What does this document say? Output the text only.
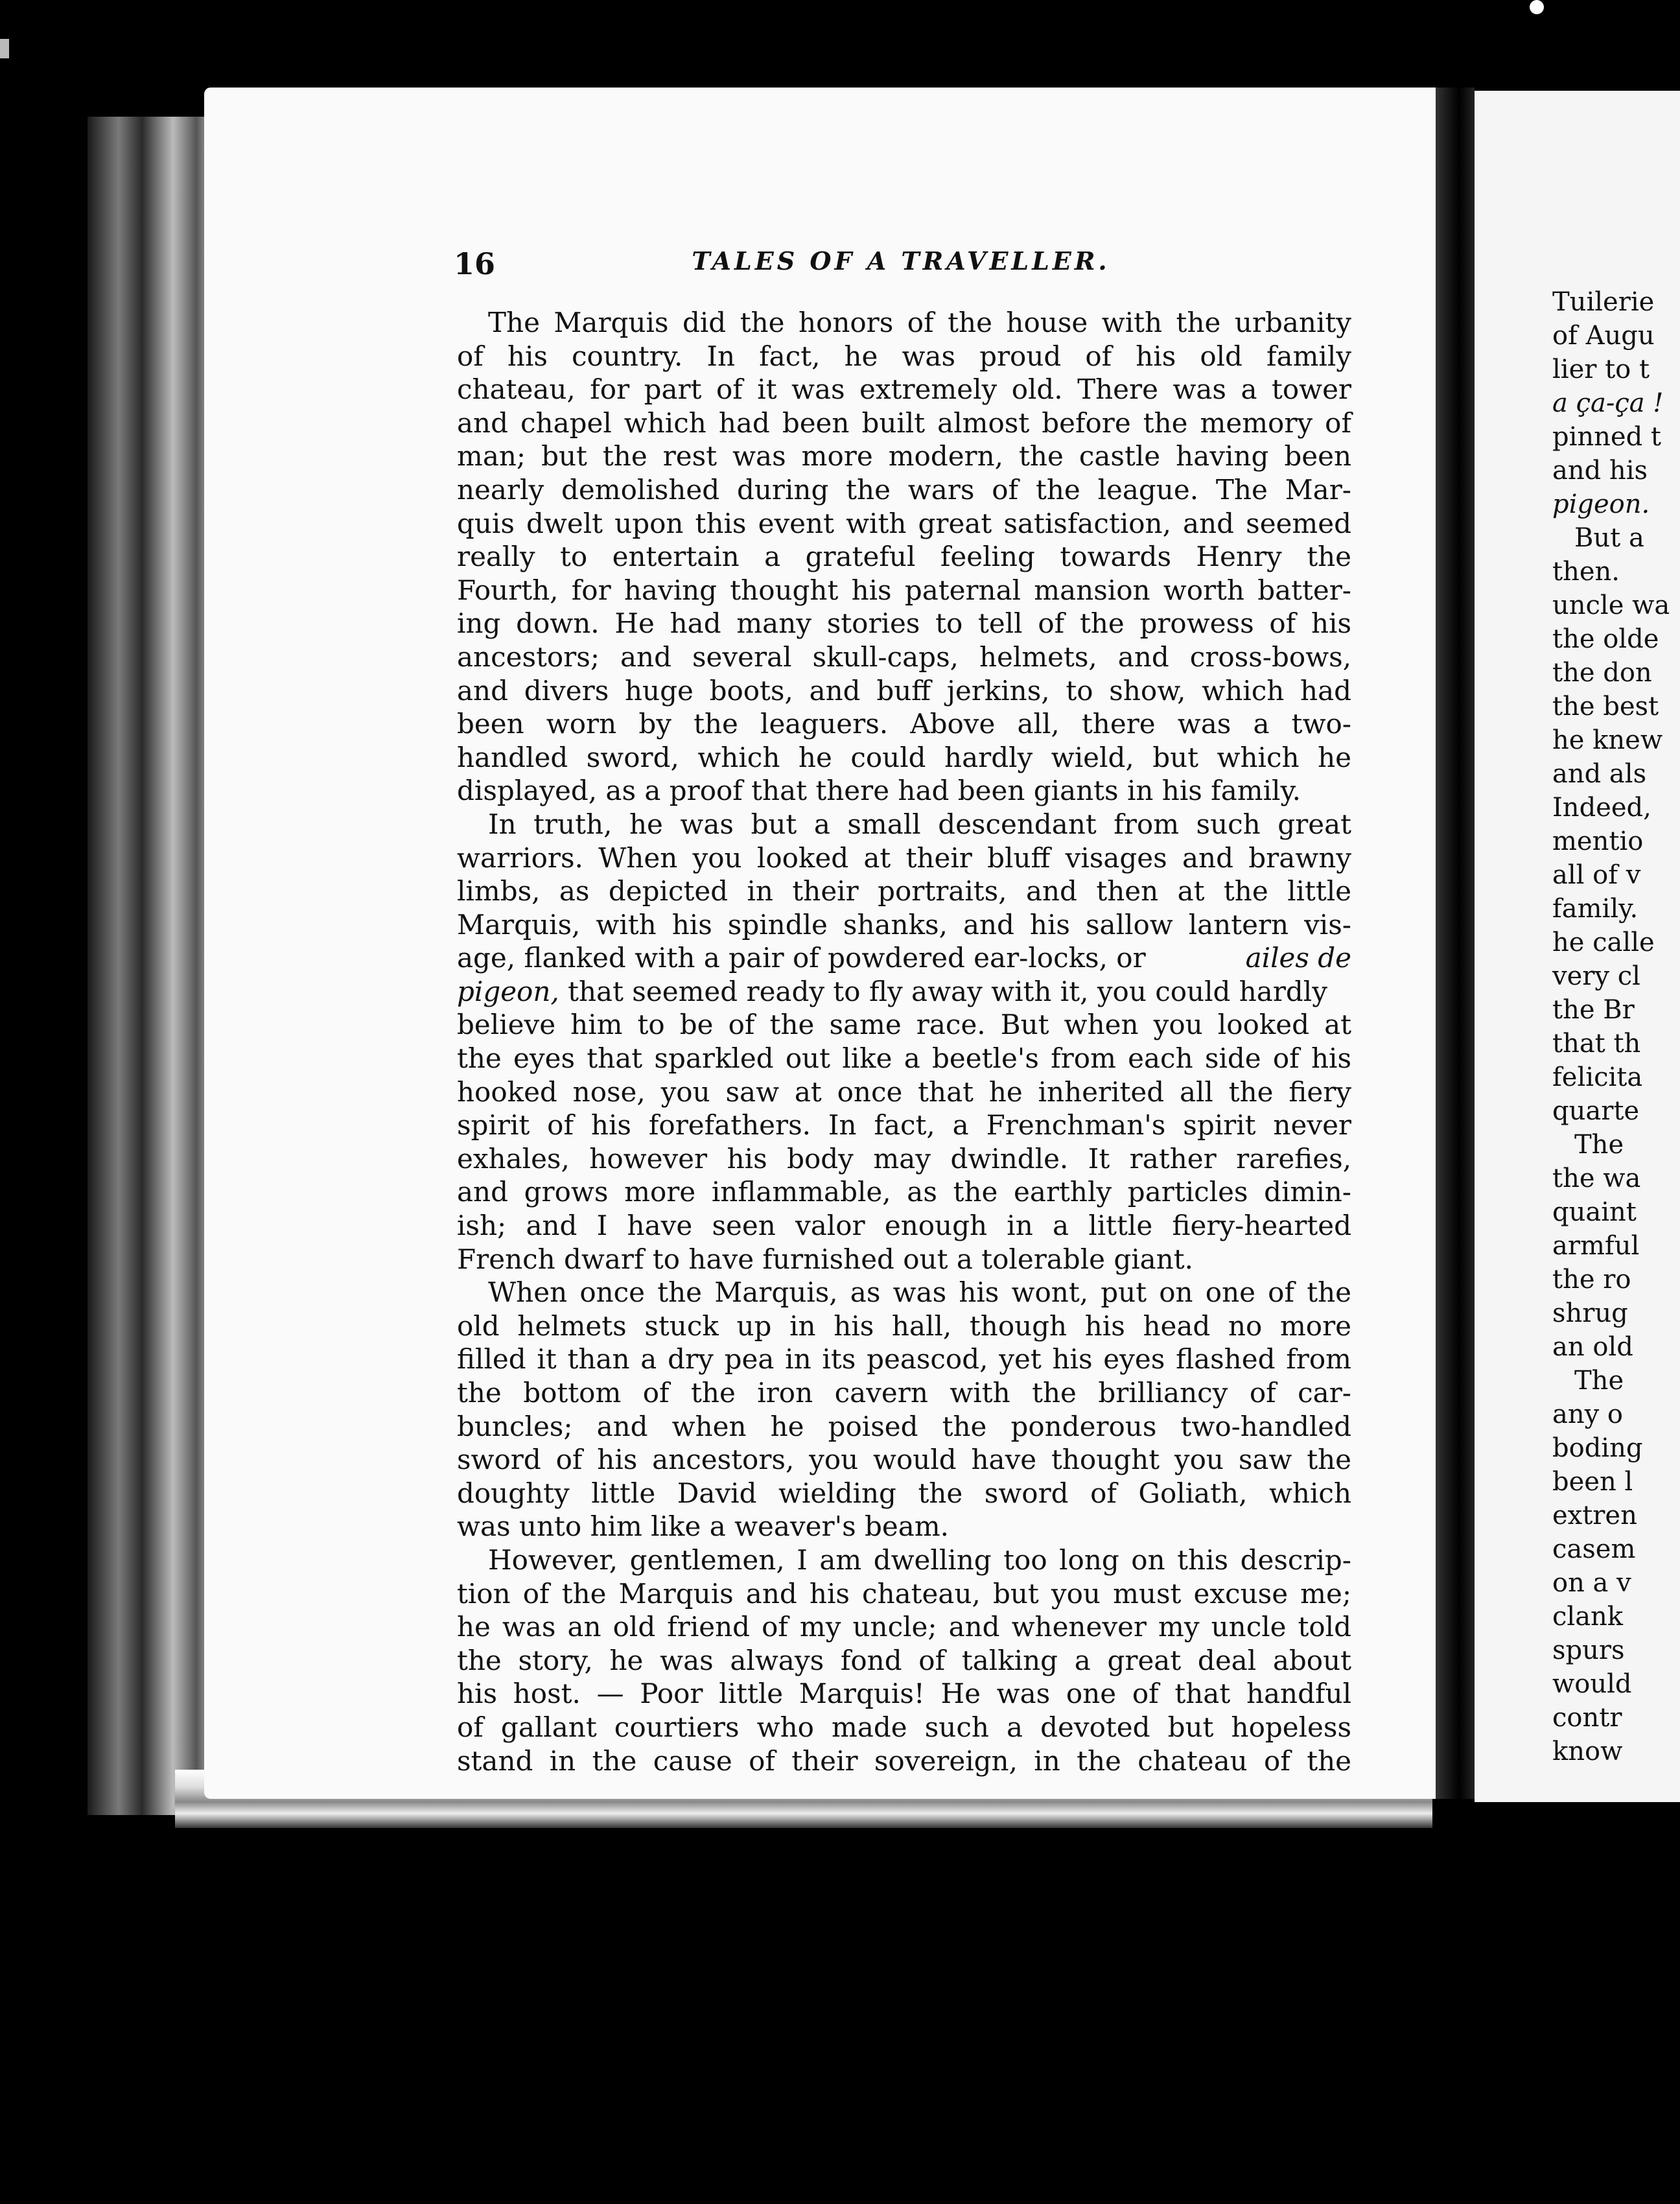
16	TALES OF A TRAVELLER.
The Marquis did the honors of the house with the urbanity
of his country. In fact, he was proud of his old family
chateau, for part of it was extremely old. There was a tower
and chapel which had been built almost before the memory of
man; but the rest was more modern, the castle having been
nearly demolished during the wars of the league. The Mar-
quis dwelt upon this event with great satisfaction, and seemed
really to entertain a grateful feeling towards Henry the
Fourth, for having thought his paternal mansion worth batter-
ing down. He had many stories to tell of the prowess of his
ancestors; and several skull-caps, helmets, and cross-bows,
and divers huge boots, and buff jerkins, to show, which had
been worn by the leaguers. Above all, there was a two-
handled sword, which he could hardly wield, but which he
displayed, as a proof that there had been giants in his family.
In truth, he was but a small descendant from such great
warriors. When you looked at their bluff visages and brawny
limbs, as depicted in their portraits, and then at the little
Marquis, with his spindle shanks, and his sallow lantern vis-
age, flanked with a pair of powdered ear-locks, or	ailes de
pigeon, that seemed ready to fly away with it, you could hardly
believe him to be of the same race. But when you looked at
the eyes that sparkled out like a beetle's from each side of his
hooked nose, you saw at once that he inherited all the fiery
spirit of his forefathers. In fact, a Frenchman's spirit never
exhales, however his body may dwindle. It rather rarefies,
and grows more inflammable, as the earthly particles dimin-
ish; and I have seen valor enough in a little fiery-hearted
French dwarf to have furnished out a tolerable giant.
When once the Marquis, as was his wont, put on one of the
old helmets stuck up in his hall, though his head no more
filled it than a dry pea in its peascod, yet his eyes flashed from
the bottom of the iron cavern with the brilliancy of car-
buncles; and when he poised the ponderous two-handled
sword of his ancestors, you would have thought you saw the
doughty little David wielding the sword of Goliath, which
was unto him like a weaver's beam.
However, gentlemen, I am dwelling too long on this descrip-
tion of the Marquis and his chateau, but you must excuse me;
he was an old friend of my uncle; and whenever my uncle told
the story, he was always fond of talking a great deal about
his host. — Poor little Marquis! He was one of that handful
of gallant courtiers who made such a devoted but hopeless
stand in the cause of their sovereign, in the chateau of the
Tuilerie
of Augu
lier to t
a ça-ça !
pinned t
and his
pigeon.
But a
then.
uncle wa
the olde
the don
the best
he knew
and als
Indeed,
mentio
all of v
family.
he calle
very cl
the Br
that th
felicita
quarte
The
the wa
quaint
armful
the ro
shrug
an old
The
any o
boding
been l
extren
casem
on a v
clank
spurs
would
contr
know
